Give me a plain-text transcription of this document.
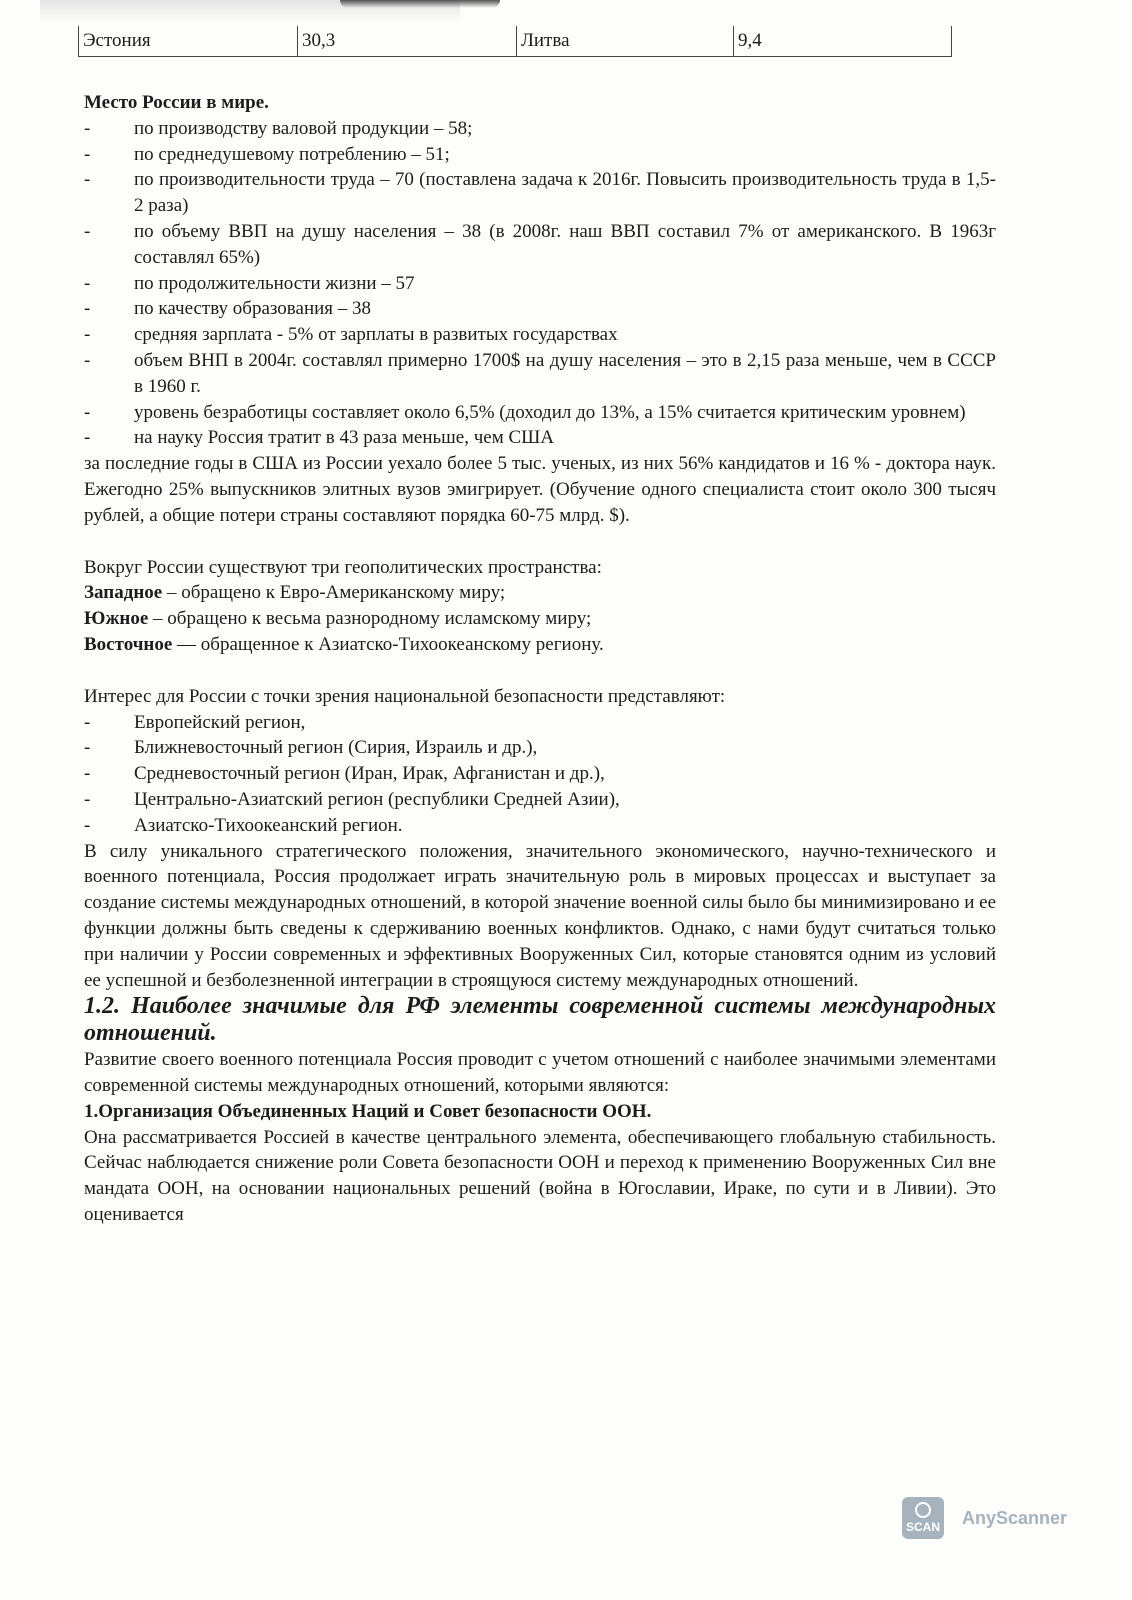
Эстония	30,3	Литва	9,4

Место России в мире.

-	по производству валовой продукции – 58;
-	по среднедушевому потреблению – 51;
-	по производительности труда – 70 (поставлена задача к 2016г. Повысить производительность труда в 1,5-2 раза)
-	по объему ВВП на душу населения – 38 (в 2008г. наш ВВП составил 7% от американского. В 1963г составлял 65%)
-	по продолжительности жизни – 57
-	по качеству образования – 38
-	средняя зарплата - 5% от зарплаты в развитых государствах
-	объем ВНП в 2004г. составлял примерно 1700$ на душу населения – это в 2,15 раза меньше, чем в СССР в 1960 г.
-	уровень безработицы составляет около 6,5% (доходил до 13%, а 15% считается критическим уровнем)
-	на науку Россия тратит в 43 раза меньше, чем США

за последние годы в США из России уехало более 5 тыс. ученых, из них 56% кандидатов и 16 % - доктора наук. Ежегодно 25% выпускников элитных вузов эмигрирует. (Обучение одного специалиста стоит около 300 тысяч рублей, а общие потери страны составляют порядка 60-75 млрд. $).

Вокруг России существуют три геополитических пространства:

Западное – обращено к Евро-Американскому миру;

Южное – обращено к весьма разнородному исламскому миру;

Восточное — обращенное к Азиатско-Тихоокеанскому региону.

Интерес для России с точки зрения национальной безопасности представляют:

-	Европейский регион,
-	Ближневосточный регион (Сирия, Израиль и др.),
-	Средневосточный регион (Иран, Ирак, Афганистан и др.),
-	Центрально-Азиатский регион (республики Средней Азии),
-	Азиатско-Тихоокеанский регион.

В силу уникального стратегического положения, значительного экономического, научно-технического и военного потенциала, Россия продолжает играть значительную роль в мировых процессах и выступает за создание системы международных отношений, в которой значение военной силы было бы минимизировано и ее функции должны быть сведены к сдерживанию военных конфликтов. Однако, с нами будут считаться только при наличии у России современных и эффективных Вооруженных Сил, которые становятся одним из условий ее успешной и безболезненной интеграции в строящуюся систему международных отношений.

1.2. Наиболее значимые для РФ элементы современной системы международных отношений.

Развитие своего военного потенциала Россия проводит с учетом отношений с наиболее значимыми элементами современной системы международных отношений, которыми являются:

1.Организация Объединенных Наций и Совет безопасности ООН.

Она рассматривается Россией в качестве центрального элемента, обеспечивающего глобальную стабильность. Сейчас наблюдается снижение роли Совета безопасности ООН и переход к применению Вооруженных Сил вне мандата ООН, на основании национальных решений (война в Югославии, Ираке, по сути и в Ливии). Это оценивается

SCAN AnyScanner
